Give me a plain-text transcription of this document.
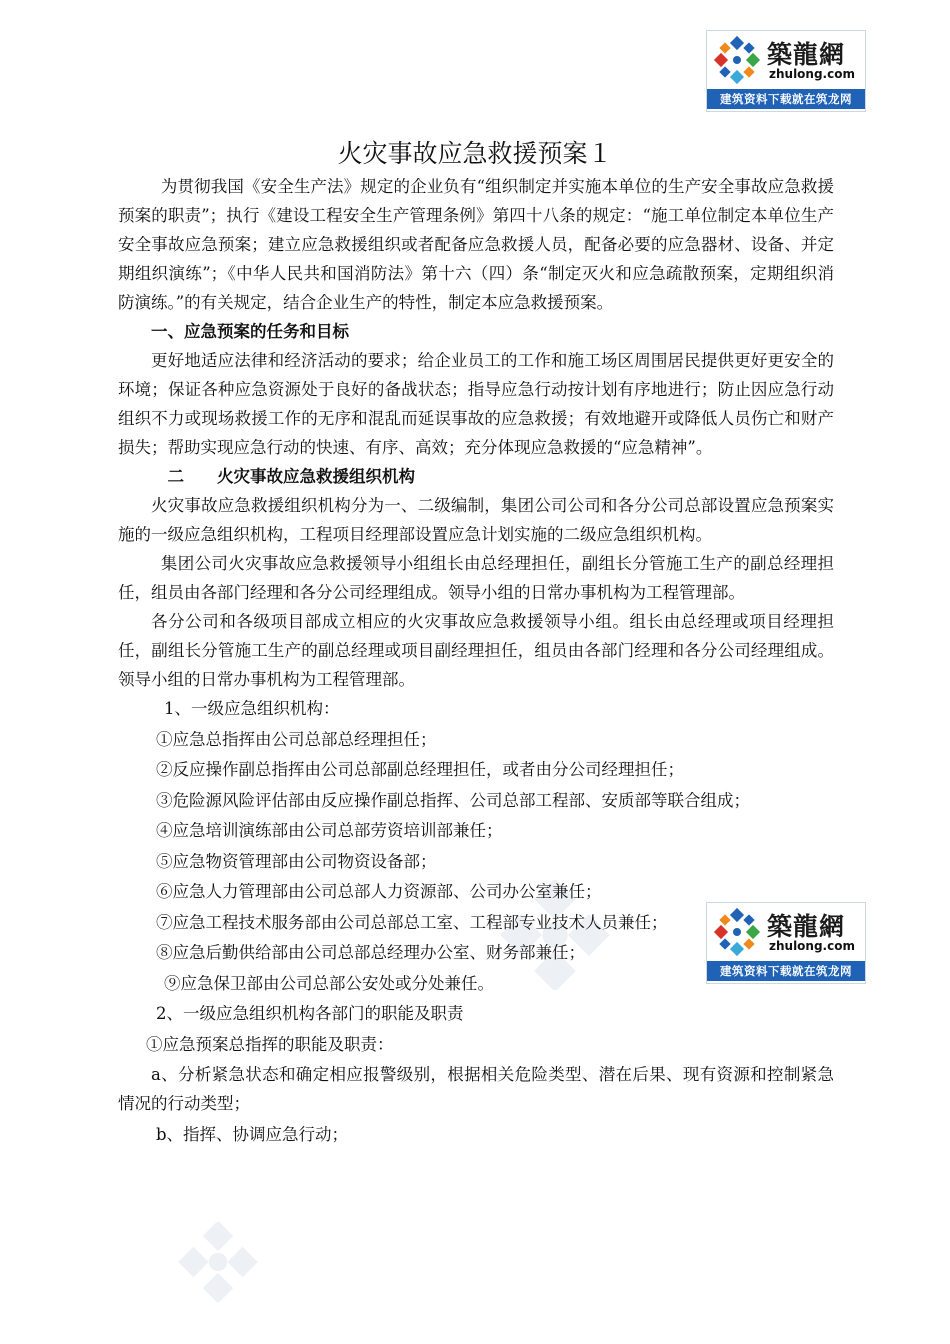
築龍網
zhulong.com
建筑资料下载就在筑龙网
築龍網
zhulong.com
建筑资料下载就在筑龙网
火灾事故应急救援预案１

为贯彻我国《安全生产法》规定的企业负有“组织制定并实施本单位的生产安全事故应急救援预案的职责”；执行《建设工程安全生产管理条例》第四十八条的规定：“施工单位制定本单位生产安全事故应急预案；建立应急救援组织或者配备应急救援人员，配备必要的应急器材、设备、并定期组织演练”；《中华人民共和国消防法》第十六（四）条“制定灭火和应急疏散预案，定期组织消防演练。”的有关规定，结合企业生产的特性，制定本应急救援预案。

一、应急预案的任务和目标

更好地适应法律和经济活动的要求；给企业员工的工作和施工场区周围居民提供更好更安全的环境；保证各种应急资源处于良好的备战状态；指导应急行动按计划有序地进行；防止因应急行动组织不力或现场救援工作的无序和混乱而延误事故的应急救援；有效地避开或降低人员伤亡和财产损失；帮助实现应急行动的快速、有序、高效；充分体现应急救援的“应急精神”。

二　　火灾事故应急救援组织机构

火灾事故应急救援组织机构分为一、二级编制，集团公司公司和各分公司总部设置应急预案实施的一级应急组织机构，工程项目经理部设置应急计划实施的二级应急组织机构。

集团公司火灾事故应急救援领导小组组长由总经理担任，副组长分管施工生产的副总经理担任，组员由各部门经理和各分公司经理组成。领导小组的日常办事机构为工程管理部。

各分公司和各级项目部成立相应的火灾事故应急救援领导小组。组长由总经理或项目经理担任，副组长分管施工生产的副总经理或项目副经理担任，组员由各部门经理和各分公司经理组成。领导小组的日常办事机构为工程管理部。

1、一级应急组织机构：

①应急总指挥由公司总部总经理担任；

②反应操作副总指挥由公司总部副总经理担任，或者由分公司经理担任；

③危险源风险评估部由反应操作副总指挥、公司总部工程部、安质部等联合组成；

④应急培训演练部由公司总部劳资培训部兼任；

⑤应急物资管理部由公司物资设备部；

⑥应急人力管理部由公司总部人力资源部、公司办公室兼任；

⑦应急工程技术服务部由公司总部总工室、工程部专业技术人员兼任；

⑧应急后勤供给部由公司总部总经理办公室、财务部兼任；

⑨应急保卫部由公司总部公安处或分处兼任。

2、一级应急组织机构各部门的职能及职责

①应急预案总指挥的职能及职责：

a、分析紧急状态和确定相应报警级别，根据相关危险类型、潜在后果、现有资源和控制紧急情况的行动类型；

b、指挥、协调应急行动；
